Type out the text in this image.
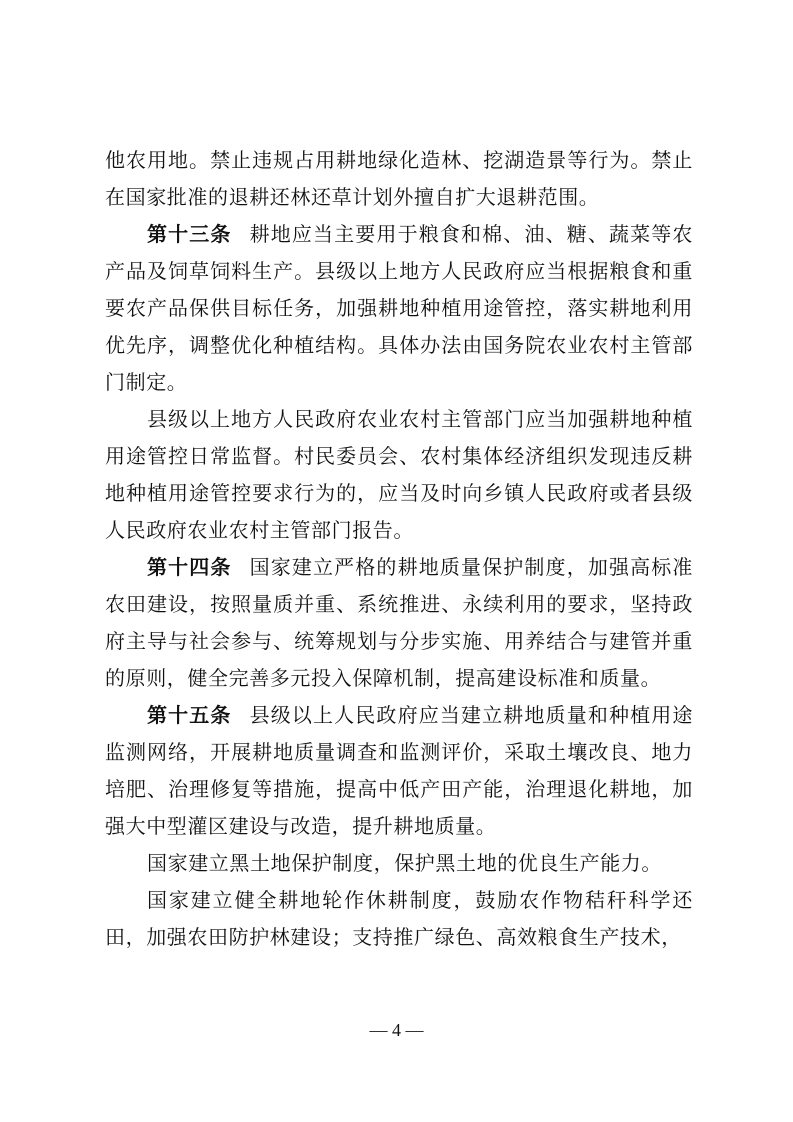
他农用地。禁止违规占用耕地绿化造林、挖湖造景等行为。禁止在国家批准的退耕还林还草计划外擅自扩大退耕范围。

第十三条 耕地应当主要用于粮食和棉、油、糖、蔬菜等农产品及饲草饲料生产。县级以上地方人民政府应当根据粮食和重要农产品保供目标任务，加强耕地种植用途管控，落实耕地利用优先序，调整优化种植结构。具体办法由国务院农业农村主管部门制定。

县级以上地方人民政府农业农村主管部门应当加强耕地种植用途管控日常监督。村民委员会、农村集体经济组织发现违反耕地种植用途管控要求行为的，应当及时向乡镇人民政府或者县级人民政府农业农村主管部门报告。

第十四条 国家建立严格的耕地质量保护制度，加强高标准农田建设，按照量质并重、系统推进、永续利用的要求，坚持政府主导与社会参与、统筹规划与分步实施、用养结合与建管并重的原则，健全完善多元投入保障机制，提高建设标准和质量。

第十五条 县级以上人民政府应当建立耕地质量和种植用途监测网络，开展耕地质量调查和监测评价，采取土壤改良、地力培肥、治理修复等措施，提高中低产田产能，治理退化耕地，加强大中型灌区建设与改造，提升耕地质量。

国家建立黑土地保护制度，保护黑土地的优良生产能力。

国家建立健全耕地轮作休耕制度，鼓励农作物秸秆科学还田，加强农田防护林建设；支持推广绿色、高效粮食生产技术，

— 4 —
